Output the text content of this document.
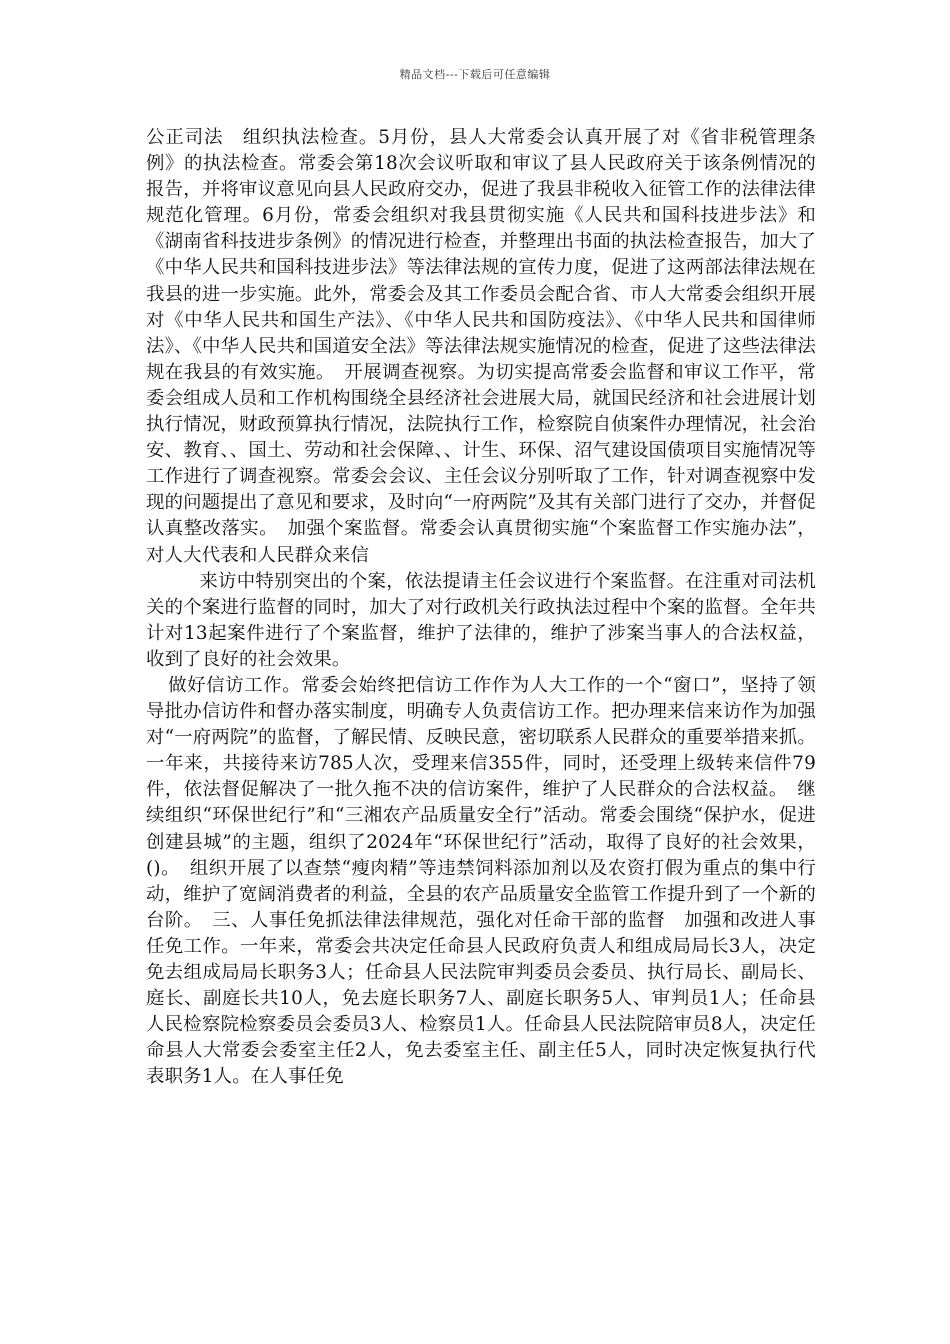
精品文档---下载后可任意编辑

公正司法　组织执法检查。5月份，县人大常委会认真开展了对《省非税管理条例》的执法检查。常委会第18次会议听取和审议了县人民政府关于该条例情况的报告，并将审议意见向县人民政府交办，促进了我县非税收入征管工作的法律法律规范化管理。6月份，常委会组织对我县贯彻实施《人民共和国科技进步法》和《湖南省科技进步条例》的情况进行检查，并整理出书面的执法检查报告，加大了《中华人民共和国科技进步法》等法律法规的宣传力度，促进了这两部法律法规在我县的进一步实施。此外，常委会及其工作委员会配合省、市人大常委会组织开展对《中华人民共和国生产法》、《中华人民共和国防疫法》、《中华人民共和国律师法》、《中华人民共和国道安全法》等法律法规实施情况的检查，促进了这些法律法规在我县的有效实施。　开展调查视察。为切实提高常委会监督和审议工作平，常委会组成人员和工作机构围绕全县经济社会进展大局，就国民经济和社会进展计划执行情况，财政预算执行情况，法院执行工作，检察院自侦案件办理情况，社会治安、教育、、国土、劳动和社会保障、、计生、环保、沼气建设国债项目实施情况等工作进行了调查视察。常委会会议、主任会议分别听取了工作，针对调查视察中发现的问题提出了意见和要求，及时向“一府两院”及其有关部门进行了交办，并督促认真整改落实。　加强个案监督。常委会认真贯彻实施“个案监督工作实施办法”，对人大代表和人民群众来信

来访中特别突出的个案，依法提请主任会议进行个案监督。在注重对司法机关的个案进行监督的同时，加大了对行政机关行政执法过程中个案的监督。全年共计对13起案件进行了个案监督，维护了法律的，维护了涉案当事人的合法权益，收到了良好的社会效果。

做好信访工作。常委会始终把信访工作作为人大工作的一个“窗口”，坚持了领导批办信访件和督办落实制度，明确专人负责信访工作。把办理来信来访作为加强对“一府两院”的监督，了解民情、反映民意，密切联系人民群众的重要举措来抓。一年来，共接待来访785人次，受理来信355件，同时，还受理上级转来信件79件，依法督促解决了一批久拖不决的信访案件，维护了人民群众的合法权益。　继续组织“环保世纪行”和“三湘农产品质量安全行”活动。常委会围绕“保护水，促进创建县城”的主题，组织了2024年“环保世纪行”活动，取得了良好的社会效果，()。　组织开展了以查禁“瘦肉精”等违禁饲料添加剂以及农资打假为重点的集中行动，维护了宽阔消费者的利益，全县的农产品质量安全监管工作提升到了一个新的台阶。　三、人事任免抓法律法律规范，强化对任命干部的监督　加强和改进人事任免工作。一年来，常委会共决定任命县人民政府负责人和组成局局长3人，决定免去组成局局长职务3人；任命县人民法院审判委员会委员、执行局长、副局长、庭长、副庭长共10人，免去庭长职务7人、副庭长职务5人、审判员1人；任命县人民检察院检察委员会委员3人、检察员1人。任命县人民法院陪审员8人，决定任命县人大常委会委室主任2人，免去委室主任、副主任5人，同时决定恢复执行代表职务1人。在人事任免
